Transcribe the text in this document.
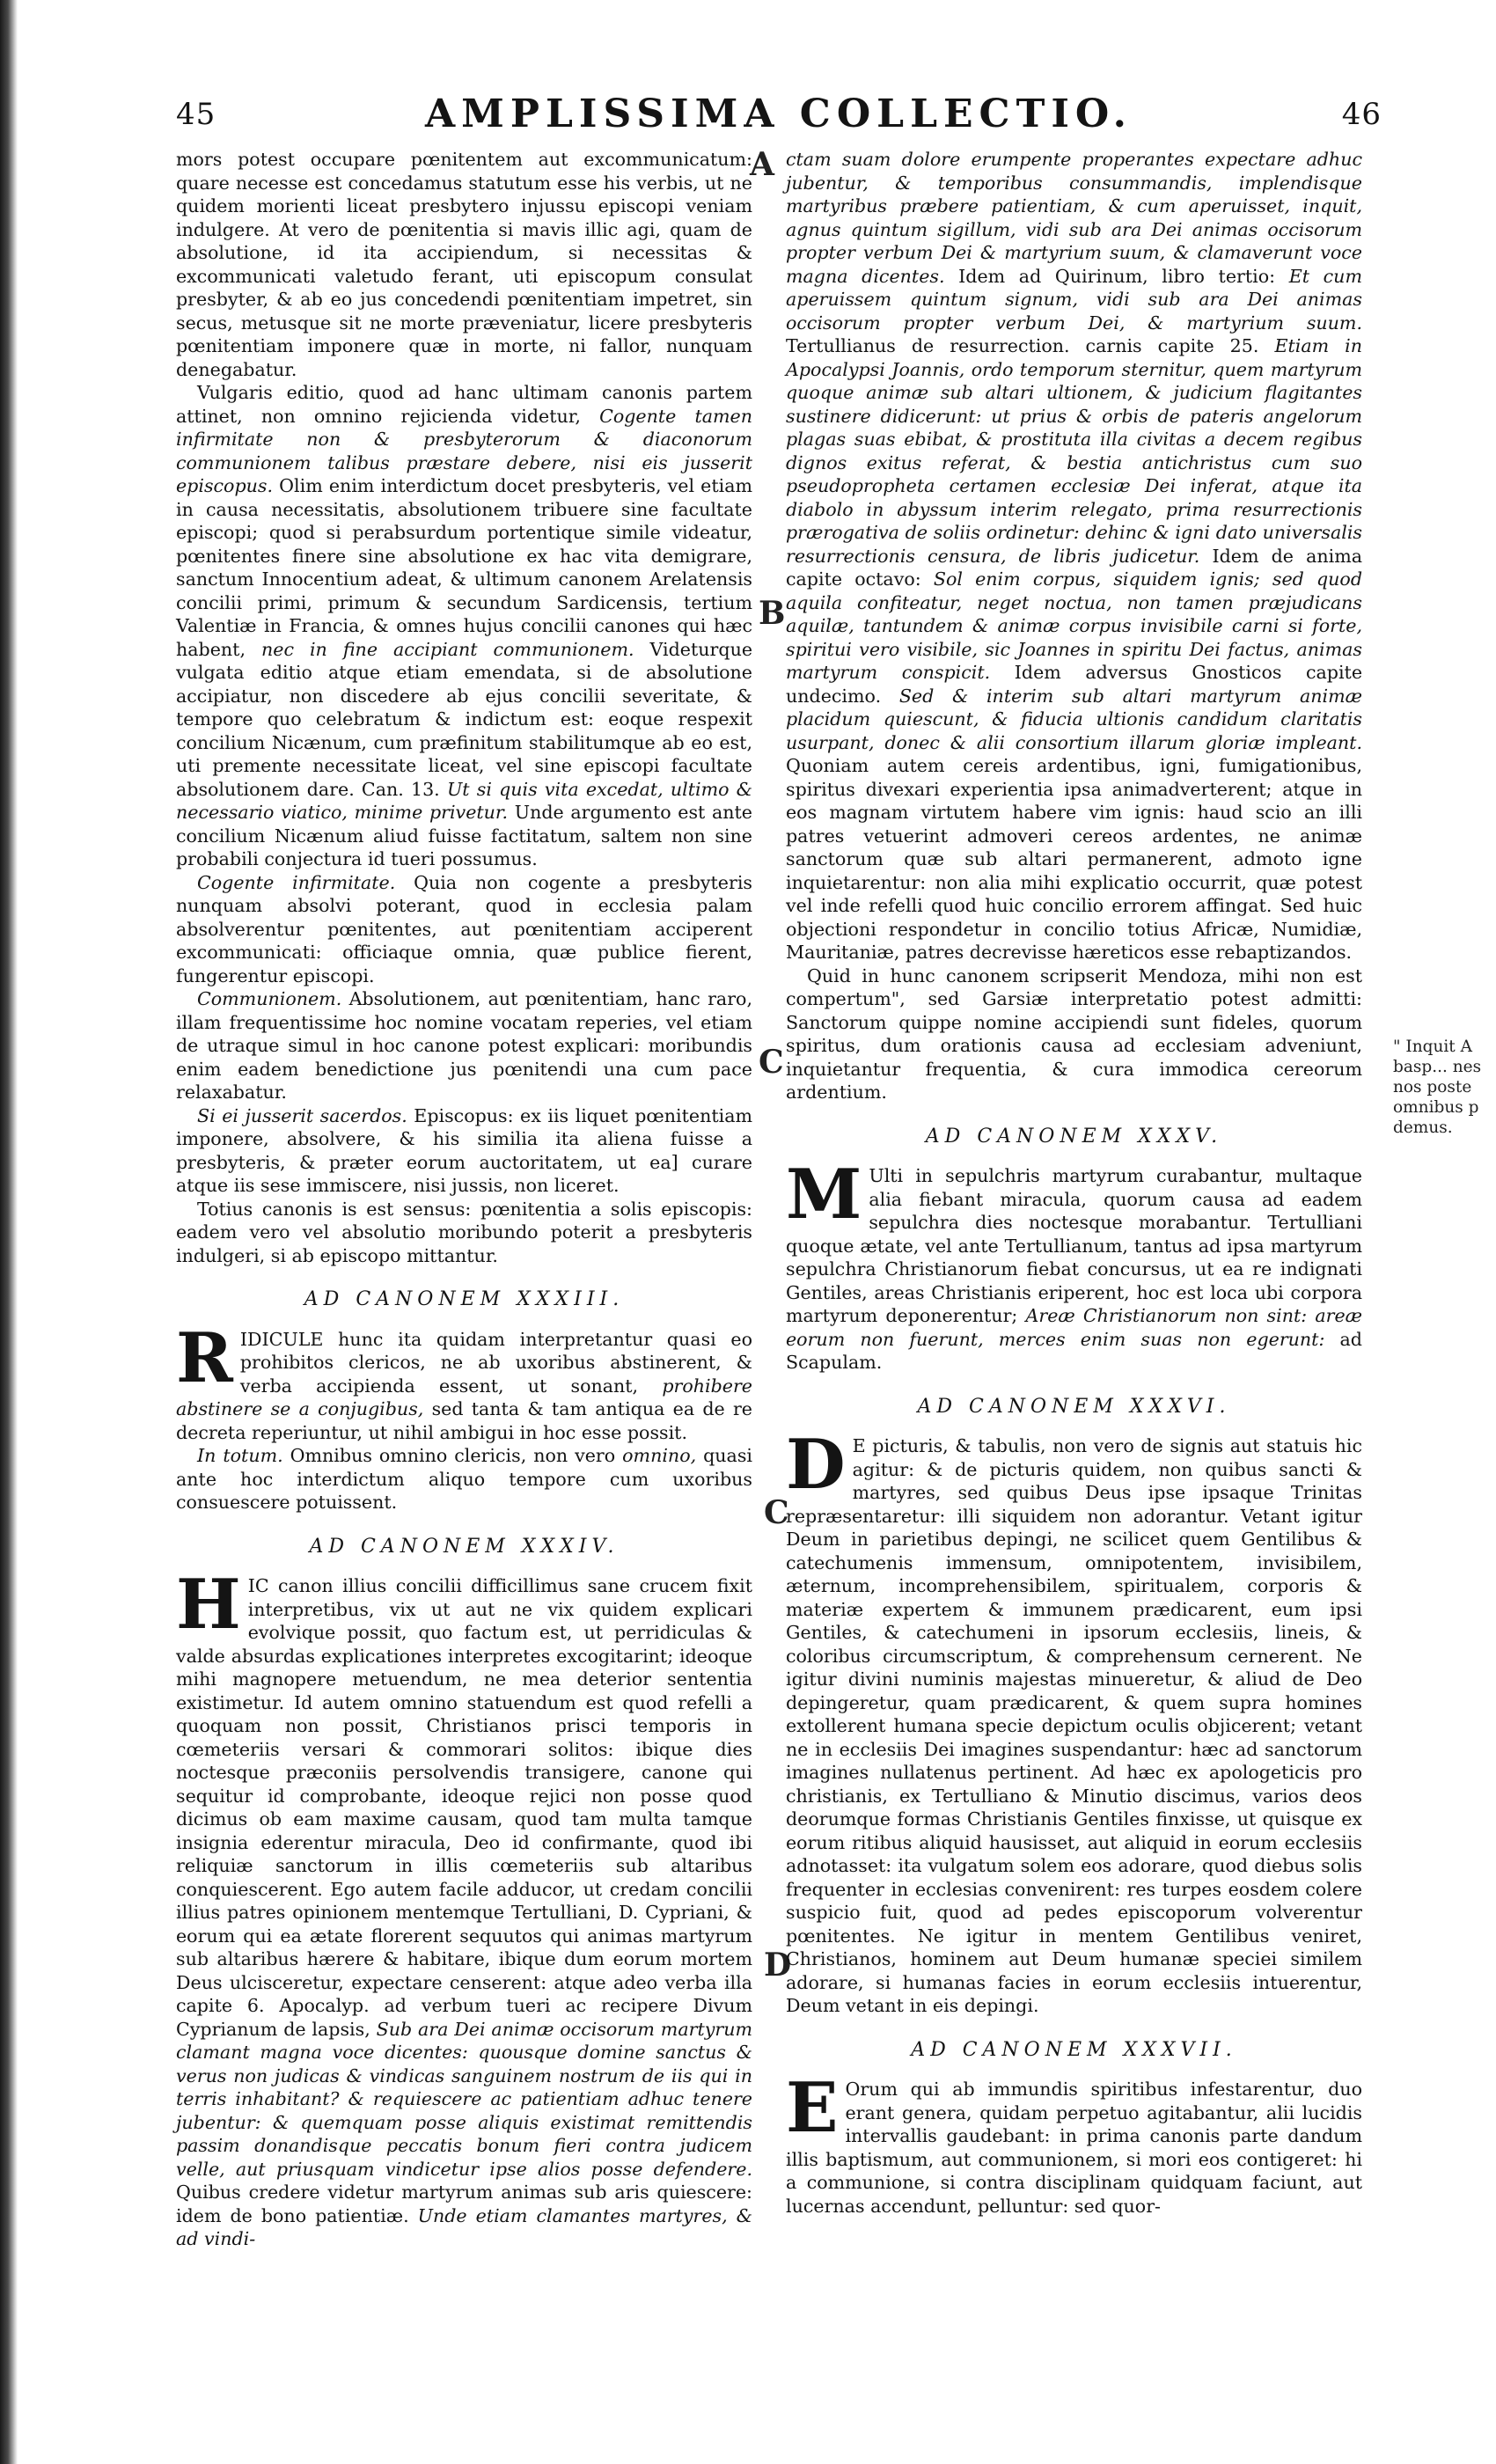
45	AMPLISSIMA COLLECTIO.	46
A
B
C
C
D
" Inquit A
basp... nes
nos poste
omnibus p
demus.

mors potest occupare pœnitentem aut excommunicatum: quare necesse est concedamus statutum esse his verbis, ut ne quidem morienti liceat presbytero injussu episcopi veniam indulgere. At vero de pœnitentia si mavis illic agi, quam de absolutione, id ita accipiendum, si necessitas & excommunicati valetudo ferant, uti episcopum consulat presbyter, & ab eo jus concedendi pœnitentiam impetret, sin secus, metusque sit ne morte præveniatur, licere presbyteris pœnitentiam imponere quæ in morte, ni fallor, nunquam denegabatur.

Vulgaris editio, quod ad hanc ultimam canonis partem attinet, non omnino rejicienda videtur, Cogente tamen infirmitate non & presbyterorum & diaconorum communionem talibus præstare debere, nisi eis jusserit episcopus. Olim enim interdictum docet presbyteris, vel etiam in causa necessitatis, absolutionem tribuere sine facultate episcopi; quod si perabsurdum portentique simile videatur, pœnitentes finere sine absolutione ex hac vita demigrare, sanctum Innocentium adeat, & ultimum canonem Arelatensis concilii primi, primum & secundum Sardicensis, tertium Valentiæ in Francia, & omnes hujus concilii canones qui hæc habent, nec in fine accipiant communionem. Videturque vulgata editio atque etiam emendata, si de absolutione accipiatur, non discedere ab ejus concilii severitate, & tempore quo celebratum & indictum est: eoque respexit concilium Nicænum, cum præfinitum stabilitumque ab eo est, uti premente necessitate liceat, vel sine episcopi facultate absolutionem dare. Can. 13. Ut si quis vita excedat, ultimo & necessario viatico, minime privetur. Unde argumento est ante concilium Nicænum aliud fuisse factitatum, saltem non sine probabili conjectura id tueri possumus.

Cogente infirmitate. Quia non cogente a presbyteris nunquam absolvi poterant, quod in ecclesia palam absolverentur pœnitentes, aut pœnitentiam acciperent excommunicati: officiaque omnia, quæ publice fierent, fungerentur episcopi.

Communionem. Absolutionem, aut pœnitentiam, hanc raro, illam frequentissime hoc nomine vocatam reperies, vel etiam de utraque simul in hoc canone potest explicari: moribundis enim eadem benedictione jus pœnitendi una cum pace relaxabatur.

Si ei jusserit sacerdos. Episcopus: ex iis liquet pœnitentiam imponere, absolvere, & his similia ita aliena fuisse a presbyteris, & præter eorum auctoritatem, ut ea] curare atque iis sese immiscere, nisi jussis, non liceret.

Totius canonis is est sensus: pœnitentia a solis episcopis: eadem vero vel absolutio moribundo poterit a presbyteris indulgeri, si ab episcopo mittantur.

AD CANONEM XXXIII.

R IDICULE hunc ita quidam interpretantur quasi eo prohibitos clericos, ne ab uxoribus abstinerent, & verba accipienda essent, ut sonant, prohibere abstinere se a conjugibus, sed tanta & tam antiqua ea de re decreta reperiuntur, ut nihil ambigui in hoc esse possit.

In totum. Omnibus omnino clericis, non vero omnino, quasi ante hoc interdictum aliquo tempore cum uxoribus consuescere potuissent.

AD CANONEM XXXIV.

H IC canon illius concilii difficillimus sane crucem fixit interpretibus, vix ut aut ne vix quidem explicari evolvique possit, quo factum est, ut perridiculas & valde absurdas explicationes interpretes excogitarint; ideoque mihi magnopere metuendum, ne mea deterior sententia existimetur. Id autem omnino statuendum est quod refelli a quoquam non possit, Christianos prisci temporis in cœmeteriis versari & commorari solitos: ibique dies noctesque præconiis persolvendis transigere, canone qui sequitur id comprobante, ideoque rejici non posse quod dicimus ob eam maxime causam, quod tam multa tamque insignia ederentur miracula, Deo id confirmante, quod ibi reliquiæ sanctorum in illis cœmeteriis sub altaribus conquiescerent. Ego autem facile adducor, ut credam concilii illius patres opinionem mentemque Tertulliani, D. Cypriani, & eorum qui ea ætate florerent sequutos qui animas martyrum sub altaribus hærere & habitare, ibique dum eorum mortem Deus ulcisceretur, expectare censerent: atque adeo verba illa capite 6. Apocalyp. ad verbum tueri ac recipere Divum Cyprianum de lapsis, Sub ara Dei animæ occisorum martyrum clamant magna voce dicentes: quousque domine sanctus & verus non judicas & vindicas sanguinem nostrum de iis qui in terris inhabitant? & requiescere ac patientiam adhuc tenere jubentur: & quemquam posse aliquis existimat remittendis passim donandisque peccatis bonum fieri contra judicem velle, aut priusquam vindicetur ipse alios posse defendere. Quibus credere videtur martyrum animas sub aris quiescere: idem de bono patientiæ. Unde etiam clamantes martyres, & ad vindi-

ctam suam dolore erumpente properantes expectare adhuc jubentur, & temporibus consummandis, implendisque martyribus præbere patientiam, & cum aperuisset, inquit, agnus quintum sigillum, vidi sub ara Dei animas occisorum propter verbum Dei & martyrium suum, & clamaverunt voce magna dicentes. Idem ad Quirinum, libro tertio: Et cum aperuissem quintum signum, vidi sub ara Dei animas occisorum propter verbum Dei, & martyrium suum. Tertullianus de resurrection. carnis capite 25. Etiam in Apocalypsi Joannis, ordo temporum sternitur, quem martyrum quoque animæ sub altari ultionem, & judicium flagitantes sustinere didicerunt: ut prius & orbis de pateris angelorum plagas suas ebibat, & prostituta illa civitas a decem regibus dignos exitus referat, & bestia antichristus cum suo pseudopropheta certamen ecclesiæ Dei inferat, atque ita diabolo in abyssum interim relegato, prima resurrectionis prærogativa de soliis ordinetur: dehinc & igni dato universalis resurrectionis censura, de libris judicetur. Idem de anima capite octavo: Sol enim corpus, siquidem ignis; sed quod aquila confiteatur, neget noctua, non tamen præjudicans aquilæ, tantundem & animæ corpus invisibile carni si forte, spiritui vero visibile, sic Joannes in spiritu Dei factus, animas martyrum conspicit. Idem adversus Gnosticos capite undecimo. Sed & interim sub altari martyrum animæ placidum quiescunt, & fiducia ultionis candidum claritatis usurpant, donec & alii consortium illarum gloriæ impleant. Quoniam autem cereis ardentibus, igni, fumigationibus, spiritus divexari experientia ipsa animadverterent; atque in eos magnam virtutem habere vim ignis: haud scio an illi patres vetuerint admoveri cereos ardentes, ne animæ sanctorum quæ sub altari permanerent, admoto igne inquietarentur: non alia mihi explicatio occurrit, quæ potest vel inde refelli quod huic concilio errorem affingat. Sed huic objectioni respondetur in concilio totius Africæ, Numidiæ, Mauritaniæ, patres decrevisse hæreticos esse rebaptizandos.

Quid in hunc canonem scripserit Mendoza, mihi non est compertum", sed Garsiæ interpretatio potest admitti: Sanctorum quippe nomine accipiendi sunt fideles, quorum spiritus, dum orationis causa ad ecclesiam adveniunt, inquietantur frequentia, & cura immodica cereorum ardentium.

AD CANONEM XXXV.

M Ulti in sepulchris martyrum curabantur, multaque alia fiebant miracula, quorum causa ad eadem sepulchra dies noctesque morabantur. Tertulliani quoque ætate, vel ante Tertullianum, tantus ad ipsa martyrum sepulchra Christianorum fiebat concursus, ut ea re indignati Gentiles, areas Christianis eriperent, hoc est loca ubi corpora martyrum deponerentur; Areæ Christianorum non sint: areæ eorum non fuerunt, merces enim suas non egerunt: ad Scapulam.

AD CANONEM XXXVI.

D E picturis, & tabulis, non vero de signis aut statuis hic agitur: & de picturis quidem, non quibus sancti & martyres, sed quibus Deus ipse ipsaque Trinitas repræsentaretur: illi siquidem non adorantur. Vetant igitur Deum in parietibus depingi, ne scilicet quem Gentilibus & catechumenis immensum, omnipotentem, invisibilem, æternum, incomprehensibilem, spiritualem, corporis & materiæ expertem & immunem prædicarent, eum ipsi Gentiles, & catechumeni in ipsorum ecclesiis, lineis, & coloribus circumscriptum, & comprehensum cernerent. Ne igitur divini numinis majestas minueretur, & aliud de Deo depingeretur, quam prædicarent, & quem supra homines extollerent humana specie depictum oculis objicerent; vetant ne in ecclesiis Dei imagines suspendantur: hæc ad sanctorum imagines nullatenus pertinent. Ad hæc ex apologeticis pro christianis, ex Tertulliano & Minutio discimus, varios deos deorumque formas Christianis Gentiles finxisse, ut quisque ex eorum ritibus aliquid hausisset, aut aliquid in eorum ecclesiis adnotasset: ita vulgatum solem eos adorare, quod diebus solis frequenter in ecclesias convenirent: res turpes eosdem colere suspicio fuit, quod ad pedes episcoporum volverentur pœnitentes. Ne igitur in mentem Gentilibus veniret, Christianos, hominem aut Deum humanæ speciei similem adorare, si humanas facies in eorum ecclesiis intuerentur, Deum vetant in eis depingi.

AD CANONEM XXXVII.

E Orum qui ab immundis spiritibus infestarentur, duo erant genera, quidam perpetuo agitabantur, alii lucidis intervallis gaudebant: in prima canonis parte dandum illis baptismum, aut communionem, si mori eos contigeret: hi a communione, si contra disciplinam quidquam faciunt, aut lucernas accendunt, pelluntur: sed quor-
